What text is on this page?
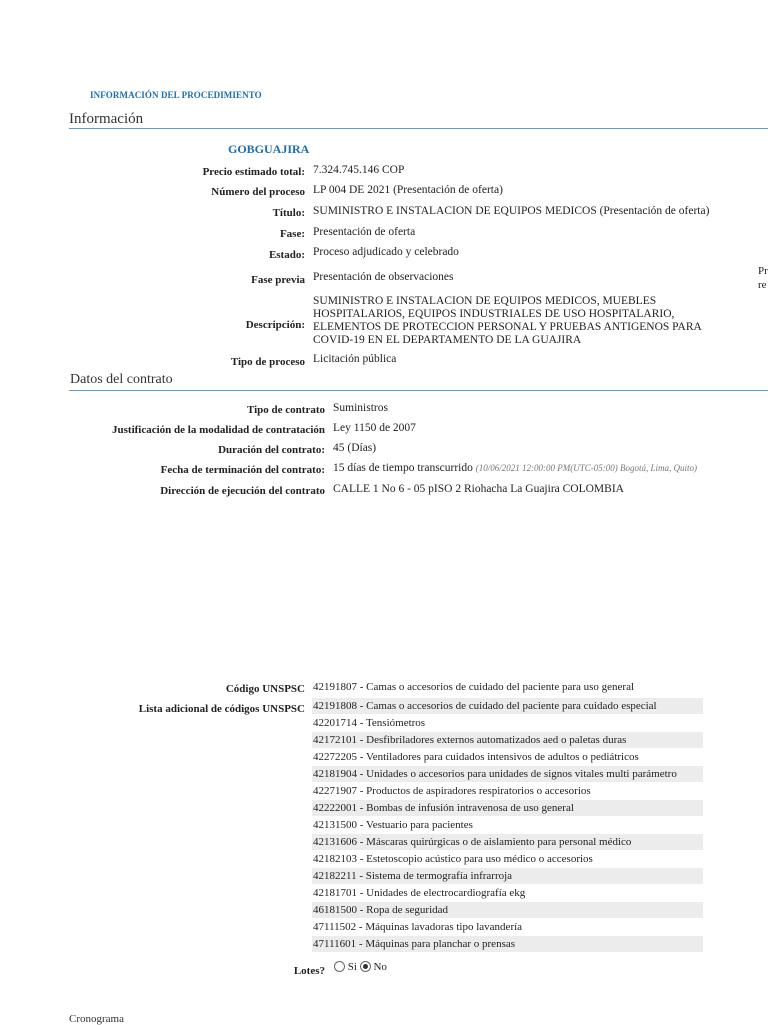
INFORMACIÓN DEL PROCEDIMIENTO
Información
GOBGUAJIRA
Precio estimado total: 7.324.745.146 COP
Número del proceso LP 004 DE 2021 (Presentación de oferta)
Título: SUMINISTRO E INSTALACION DE EQUIPOS MEDICOS (Presentación de oferta)
Fase: Presentación de oferta
Estado: Proceso adjudicado y celebrado
Fase previa Presentación de observaciones	Pr
re
Descripción:
SUMINISTRO E INSTALACION DE EQUIPOS MEDICOS, MUEBLES HOSPITALARIOS, EQUIPOS INDUSTRIALES DE USO HOSPITALARIO, ELEMENTOS DE PROTECCION PERSONAL Y PRUEBAS ANTIGENOS PARA COVID-19 EN EL DEPARTAMENTO DE LA GUAJIRA
Tipo de proceso Licitación pública
Datos del contrato
Tipo de contrato Suministros
Justificación de la modalidad de contratación Ley 1150 de 2007
Duración del contrato: 45 (Días)
Fecha de terminación del contrato: 15 días de tiempo transcurrido (10/06/2021 12:00:00 PM(UTC-05:00) Bogotá, Lima, Quito)
Dirección de ejecución del contrato CALLE 1 No 6 - 05 pISO 2 Riohacha La Guajira COLOMBIA
Código UNSPSC 42191807 - Camas o accesorios de cuidado del paciente para uso general
Lista adicional de códigos UNSPSC 42191808 - Camas o accesorios de cuidado del paciente para cuidado especial
42201714 - Tensiómetros
42172101 - Desfibriladores externos automatizados aed o paletas duras
42272205 - Ventiladores para cuidados intensivos de adultos o pediátricos
42181904 - Unidades o accesorios para unidades de signos vitales multi parámetro
42271907 - Productos de aspiradores respiratorios o accesorios
42222001 - Bombas de infusión intravenosa de uso general
42131500 - Vestuario para pacientes
42131606 - Máscaras quirúrgicas o de aislamiento para personal médico
42182103 - Estetoscopio acústico para uso médico o accesorios
42182211 - Sistema de termografía infrarroja
42181701 - Unidades de electrocardiografía ekg
46181500 - Ropa de seguridad
47111502 - Máquinas lavadoras tipo lavandería
47111601 - Máquinas para planchar o prensas
Lotes?	Si No
Cronograma
